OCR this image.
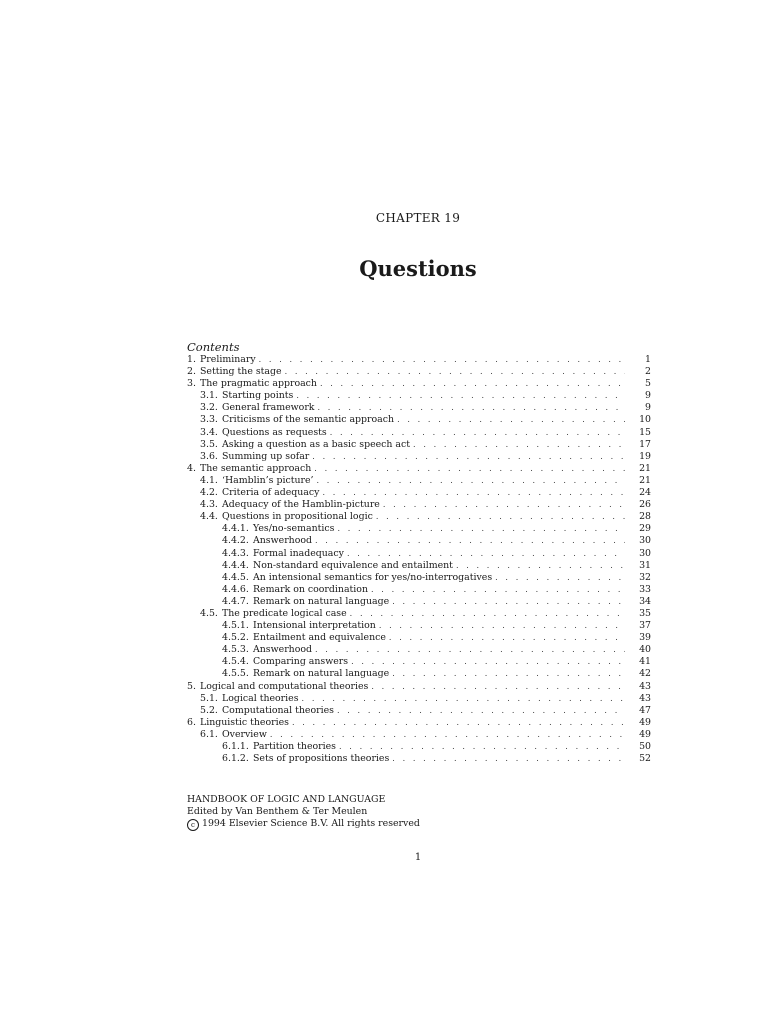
CHAPTER 19
Questions
Contents
1. Preliminary . . .	1
2. Setting the stage . . .	2
3. The pragmatic approach . . .	5
3.1. Starting points . . .	9
3.2. General framework . . .	9
3.3. Criticisms of the semantic approach . . .	10
3.4. Questions as requests . . .	15
3.5. Asking a question as a basic speech act . . .	17
3.6. Summing up sofar . . .	19
4. The semantic approach . . .	21
4.1. ‘Hamblin’s picture’ . . .	21
4.2. Criteria of adequacy . . .	24
4.3. Adequacy of the Hamblin-picture . . .	26
4.4. Questions in propositional logic . . .	28
4.4.1. Yes/no-semantics . . .	29
4.4.2. Answerhood . . .	30
4.4.3. Formal inadequacy . . .	30
4.4.4. Non-standard equivalence and entailment . . .	31
4.4.5. An intensional semantics for yes/no-interrogatives . . .	32
4.4.6. Remark on coordination . . .	33
4.4.7. Remark on natural language . . .	34
4.5. The predicate logical case . . .	35
4.5.1. Intensional interpretation . . .	37
4.5.2. Entailment and equivalence . . .	39
4.5.3. Answerhood . . .	40
4.5.4. Comparing answers . . .	41
4.5.5. Remark on natural language . . .	42
5. Logical and computational theories . . .	43
5.1. Logical theories . . .	43
5.2. Computational theories . . .	47
6. Linguistic theories . . .	49
6.1. Overview . . .	49
6.1.1. Partition theories . . .	50
6.1.2. Sets of propositions theories . . .	52
HANDBOOK OF LOGIC AND LANGUAGE
Edited by Van Benthem & Ter Meulen
c 1994 Elsevier Science B.V. All rights reserved
1
